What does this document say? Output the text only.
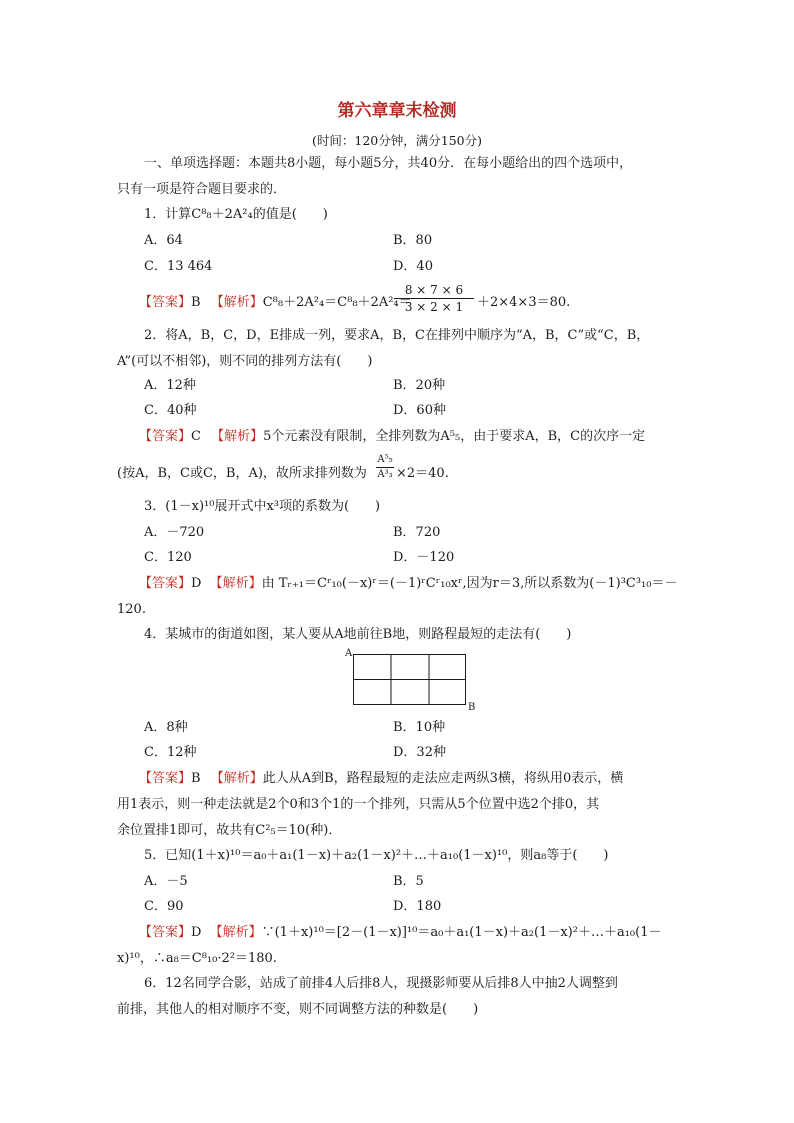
第六章章末检测
(时间：120分钟，满分150分)
一、单项选择题：本题共8小题，每小题5分，共40分．在每小题给出的四个选项中，
只有一项是符合题目要求的．
1．计算C⁸₈＋2A²₄的值是(　　)
A．64	B．80
C．13 464	D．40
【答案】B 【解析】C⁸₈＋2A²₄＝C⁸₈＋2A²₄＝
8 × 7 × 6
3 × 2 × 1	＋2×4×3＝80.
2．将A，B，C，D，E排成一列，要求A，B，C在排列中顺序为“A，B，C”或“C，B，
A”(可以不相邻)，则不同的排列方法有(　　)
A．12种	B．20种
C．40种	D．60种
【答案】C 【解析】5个元素没有限制，全排列数为A⁵₅，由于要求A，B，C的次序一定
(按A，B，C或C，B，A)，故所求排列数为
A⁵₅
A³₃ ×2＝40.
3．(1－x)¹⁰展开式中x³项的系数为(　　)
A．－720	B．720
C．120	D．－120
【答案】D 【解析】由 Tᵣ₊₁＝Cʳ₁₀(－x)ʳ＝(－1)ʳCʳ₁₀xʳ,因为r＝3,所以系数为(－1)³C³₁₀＝－
120.
4．某城市的街道如图，某人要从A地前往B地，则路程最短的走法有(　　)
A
B
A．8种	B．10种
C．12种	D．32种
【答案】B 【解析】此人从A到B，路程最短的走法应走两纵3横，将纵用0表示，横
用1表示，则一种走法就是2个0和3个1的一个排列，只需从5个位置中选2个排0，其
余位置排1即可，故共有C²₅＝10(种)．
5．已知(1＋x)¹⁰＝a₀＋a₁(1－x)＋a₂(1－x)²＋…＋a₁₀(1－x)¹⁰，则a₈等于(　　)
A．－5	B．5
C．90	D．180
【答案】D 【解析】∵(1＋x)¹⁰＝[2－(1－x)]¹⁰＝a₀＋a₁(1－x)＋a₂(1－x)²＋…＋a₁₀(1－
x)¹⁰，∴a₈＝C⁸₁₀·2²＝180.
6．12名同学合影，站成了前排4人后排8人，现摄影师要从后排8人中抽2人调整到
前排，其他人的相对顺序不变，则不同调整方法的种数是(　　)
